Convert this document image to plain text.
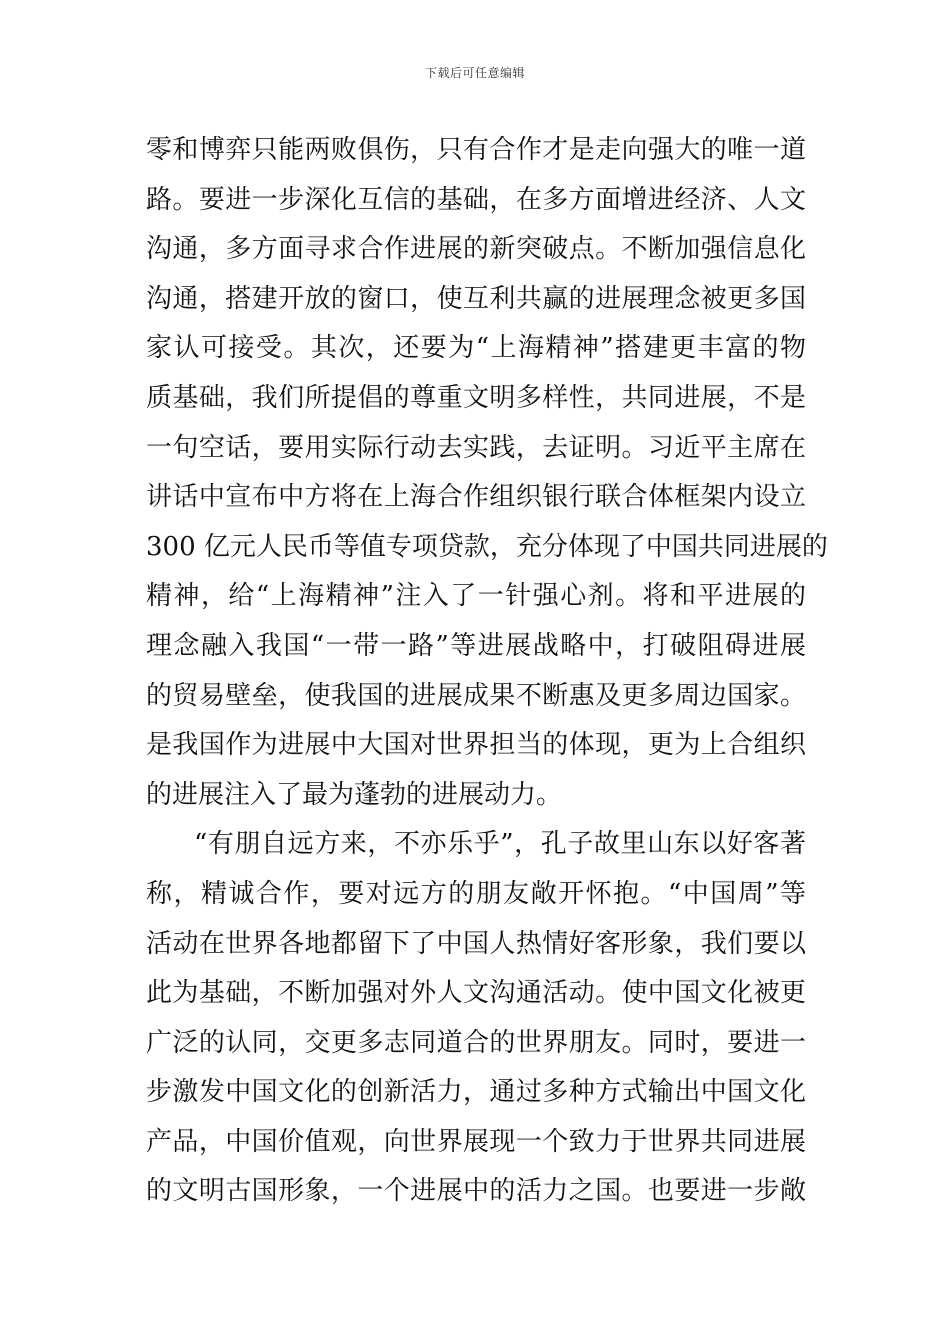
下载后可任意编辑
零和博弈只能两败俱伤，只有合作才是走向强大的唯一道
路。要进一步深化互信的基础，在多方面增进经济、人文
沟通，多方面寻求合作进展的新突破点。不断加强信息化
沟通，搭建开放的窗口，使互利共赢的进展理念被更多国
家认可接受。其次，还要为“上海精神”搭建更丰富的物
质基础，我们所提倡的尊重文明多样性，共同进展，不是
一句空话，要用实际行动去实践，去证明。习近平主席在
讲话中宣布中方将在上海合作组织银行联合体框架内设立
300 亿元人民币等值专项贷款，充分体现了中国共同进展的
精神，给“上海精神”注入了一针强心剂。将和平进展的
理念融入我国“一带一路”等进展战略中，打破阻碍进展
的贸易壁垒，使我国的进展成果不断惠及更多周边国家。
是我国作为进展中大国对世界担当的体现，更为上合组织
的进展注入了最为蓬勃的进展动力。
“有朋自远方来，不亦乐乎”，孔子故里山东以好客著
称，精诚合作，要对远方的朋友敞开怀抱。“中国周”等
活动在世界各地都留下了中国人热情好客形象，我们要以
此为基础，不断加强对外人文沟通活动。使中国文化被更
广泛的认同，交更多志同道合的世界朋友。同时，要进一
步激发中国文化的创新活力，通过多种方式输出中国文化
产品，中国价值观，向世界展现一个致力于世界共同进展
的文明古国形象，一个进展中的活力之国。也要进一步敞
